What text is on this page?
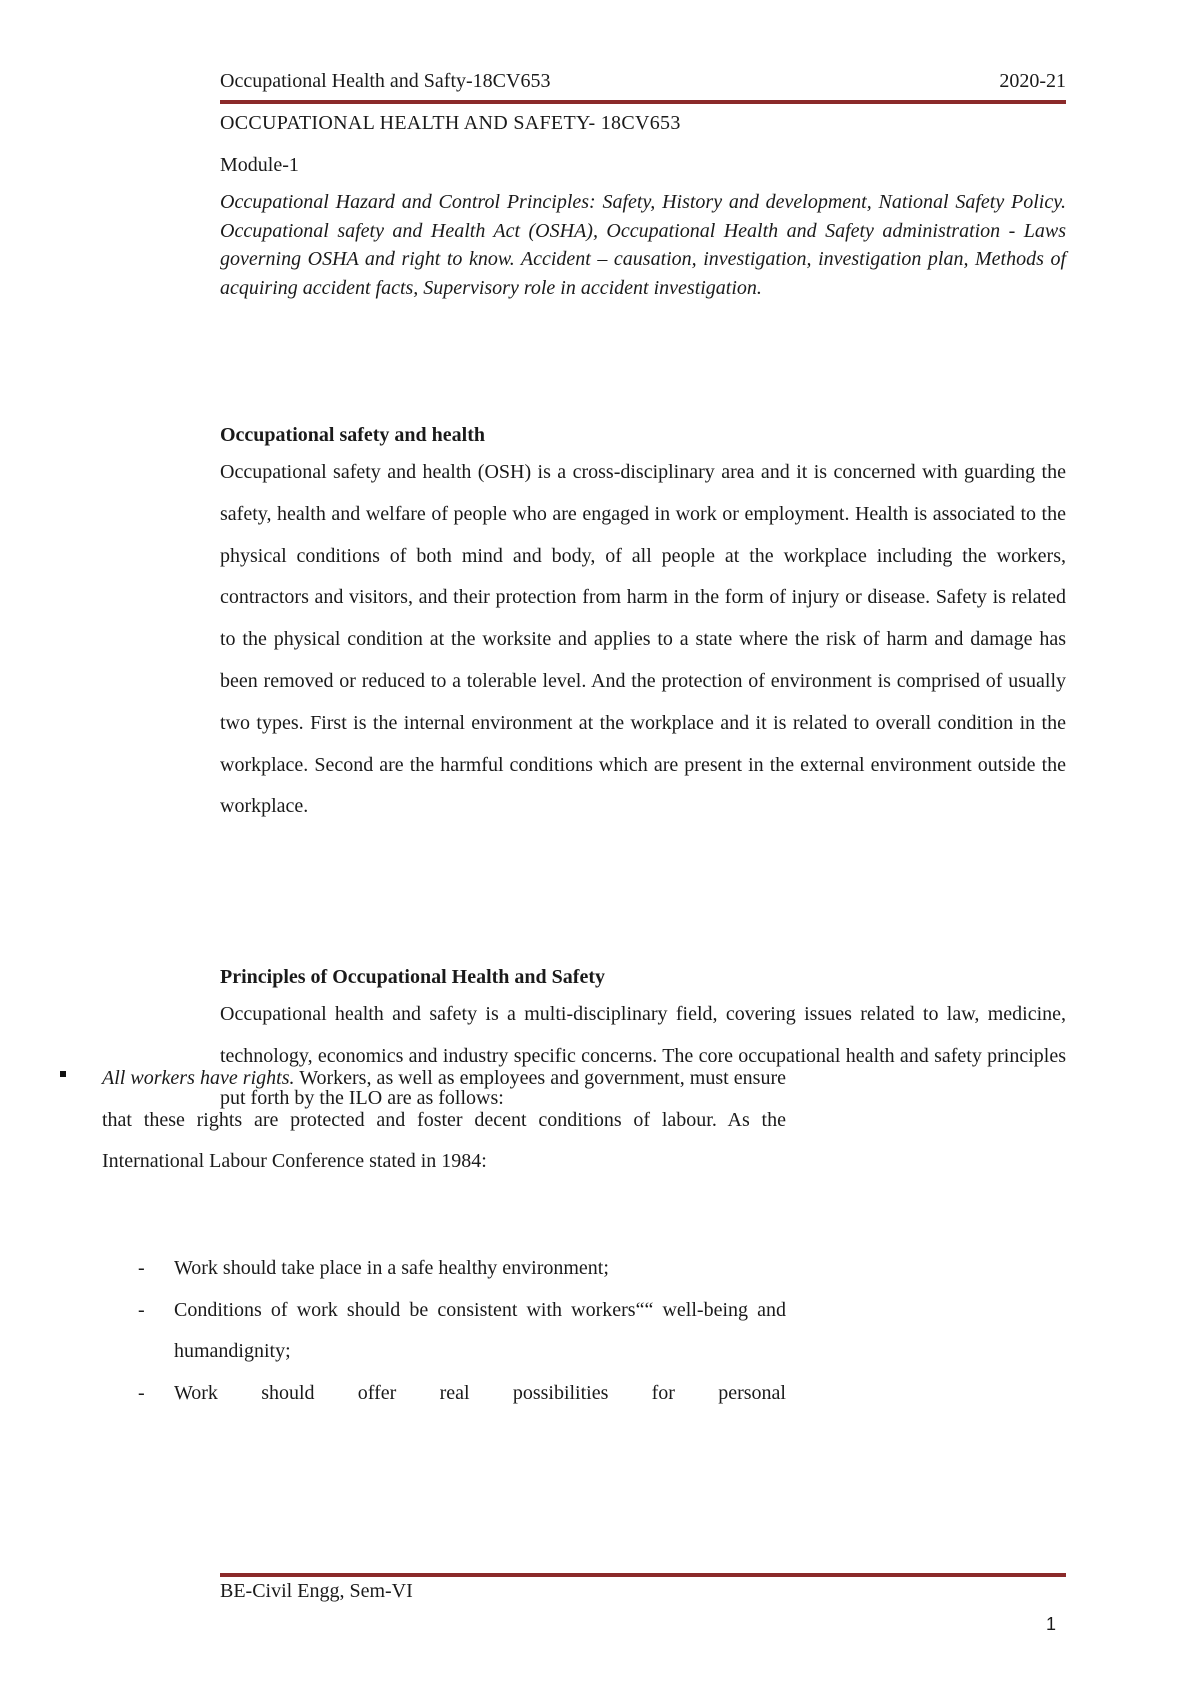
Occupational Health and Safty-18CV653	2020-21

OCCUPATIONAL HEALTH AND SAFETY- 18CV653

Module-1

Occupational Hazard and Control Principles: Safety, History and development, National Safety Policy. Occupational safety and Health Act (OSHA), Occupational Health and Safety administration - Laws governing OSHA and right to know. Accident – causation, investigation, investigation plan, Methods of acquiring accident facts, Supervisory role in accident investigation.

Occupational safety and health

Occupational safety and health (OSH) is a cross-disciplinary area and it is concerned with guarding the safety, health and welfare of people who are engaged in work or employment. Health is associated to the physical conditions of both mind and body, of all people at the workplace including the workers, contractors and visitors, and their protection from harm in the form of injury or disease. Safety is related to the physical condition at the worksite and applies to a state where the risk of harm and damage has been removed or reduced to a tolerable level. And the protection of environment is comprised of usually two types. First is the internal environment at the workplace and it is related to overall condition in the workplace. Second are the harmful conditions which are present in the external environment outside the workplace.

Principles of Occupational Health and Safety

Occupational health and safety is a multi-disciplinary field, covering issues related to law, medicine, technology, economics and industry specific concerns. The core occupational health and safety principles put forth by the ILO are as follows:

All workers have rights. Workers, as well as employees and government, must ensure that these rights are protected and foster decent conditions of labour. As the International Labour Conference stated in 1984:
- Work should take place in a safe healthy environment;
- Conditions of work should be consistent with workers““ well-being and humandignity;
- Work should offer real possibilities for personal
BE-Civil Engg, Sem-VI
1
